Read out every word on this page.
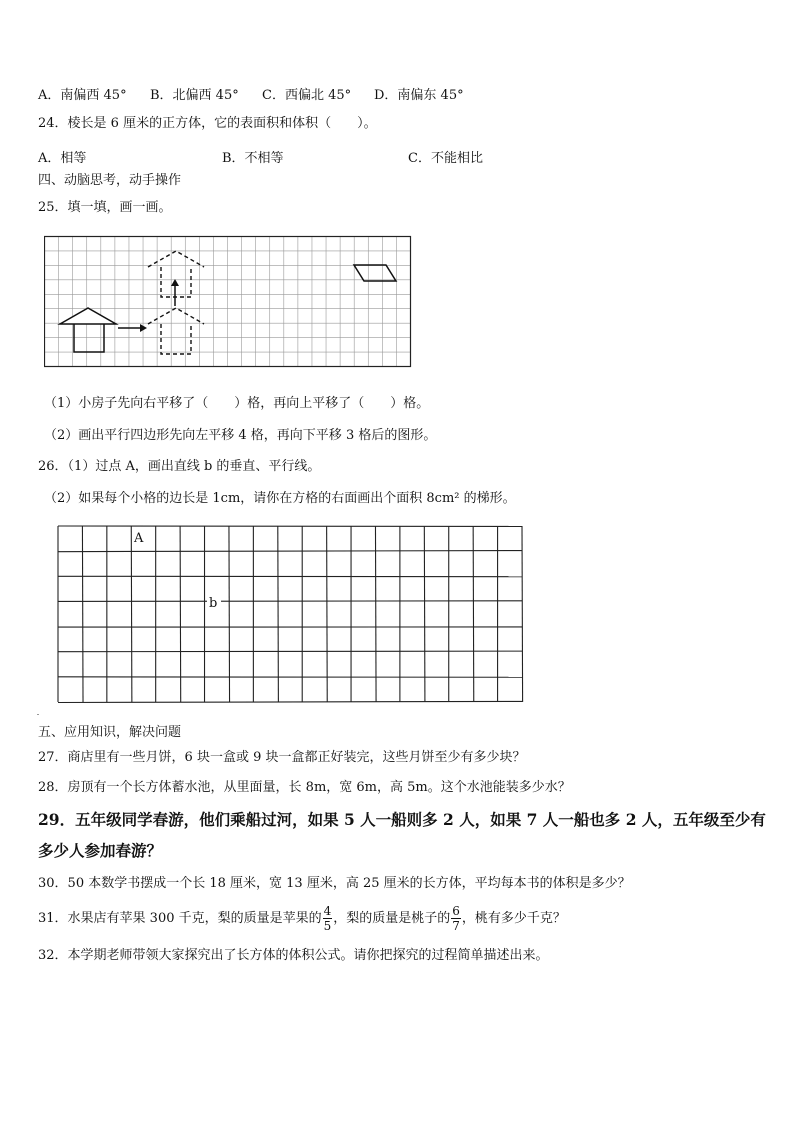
A．南偏西 45° B．北偏西 45° C．西偏北 45° D．南偏东 45°
24．棱长是 6 厘米的正方体，它的表面积和体积（　　）。
A．相等	B．不相等	C．不能相比
四、动脑思考，动手操作
25．填一填，画一画。
（1）小房子先向右平移了（　　）格，再向上平移了（　　）格。
（2）画出平行四边形先向左平移 4 格，再向下平移 3 格后的图形。
26．（1）过点 A，画出直线 b 的垂直、平行线。
（2）如果每个小格的边长是 1cm，请你在方格的右面画出个面积 8cm² 的梯形。
A
b
五、应用知识，解决问题
27．商店里有一些月饼，6 块一盒或 9 块一盒都正好装完，这些月饼至少有多少块？
28．房顶有一个长方体蓄水池，从里面量，长 8m，宽 6m，高 5m。这个水池能装多少水？
29．五年级同学春游，他们乘船过河，如果 5 人一船则多 2 人，如果 7 人一船也多 2 人，五年级至少有
多少人参加春游？
30．50 本数学书摆成一个长 18 厘米，宽 13 厘米，高 25 厘米的长方体，平均每本书的体积是多少？
31．水果店有苹果 300 千克，梨的质量是苹果的 $\frac{4}{5}$ ，梨的质量是桃子的 $\frac{6}{7}$ ，桃有多少千克？
32．本学期老师带领大家探究出了长方体的体积公式。请你把探究的过程简单描述出来。
